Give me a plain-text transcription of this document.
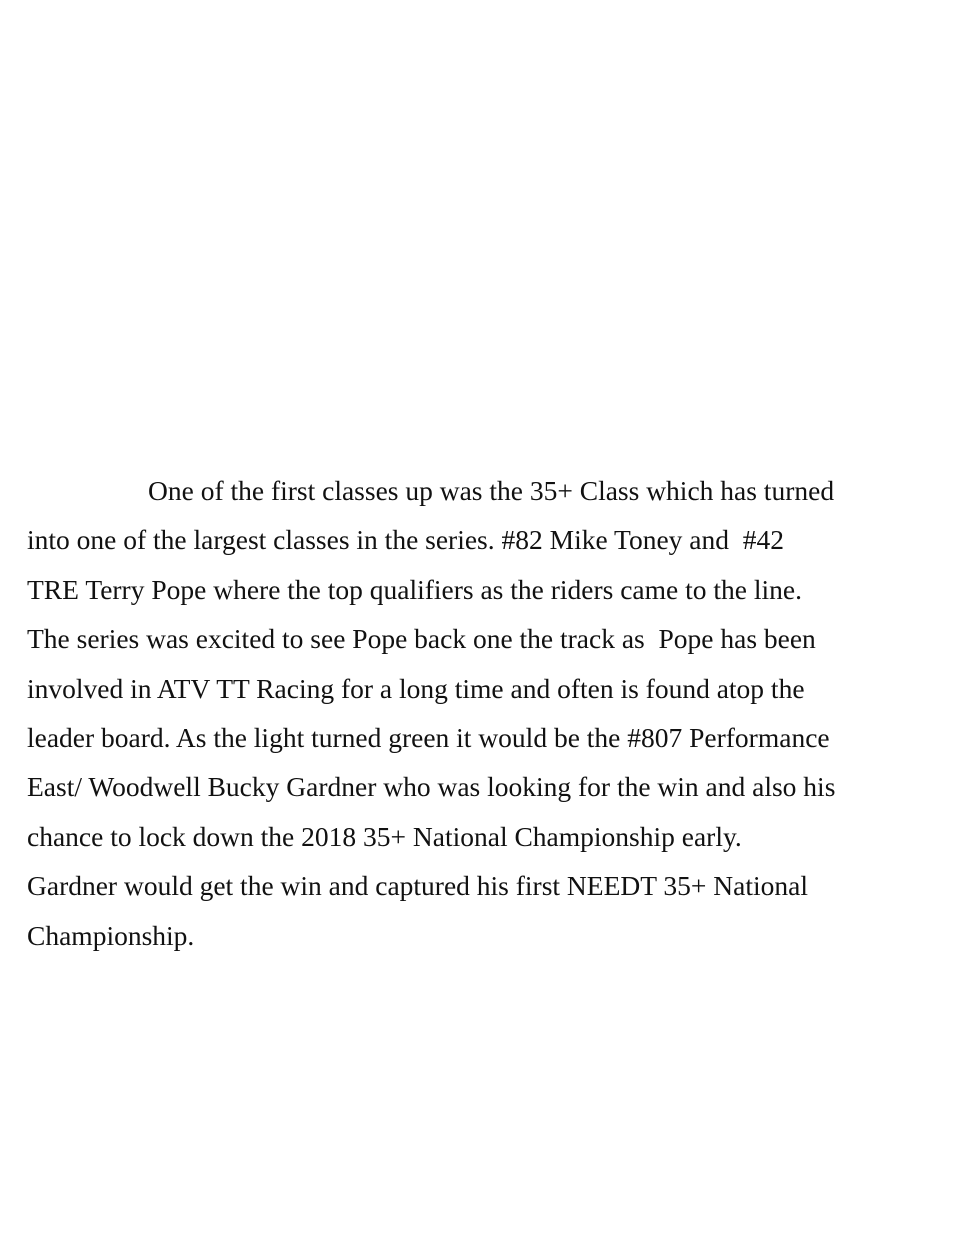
One of the first classes up was the 35+ Class which has turned
into one of the largest classes in the series. #82 Mike Toney and  #42
TRE Terry Pope where the top qualifiers as the riders came to the line.
The series was excited to see Pope back one the track as  Pope has been
involved in ATV TT Racing for a long time and often is found atop the
leader board. As the light turned green it would be the #807 Performance
East/ Woodwell Bucky Gardner who was looking for the win and also his
chance to lock down the 2018 35+ National Championship early.
Gardner would get the win and captured his first NEEDT 35+ National
Championship.
